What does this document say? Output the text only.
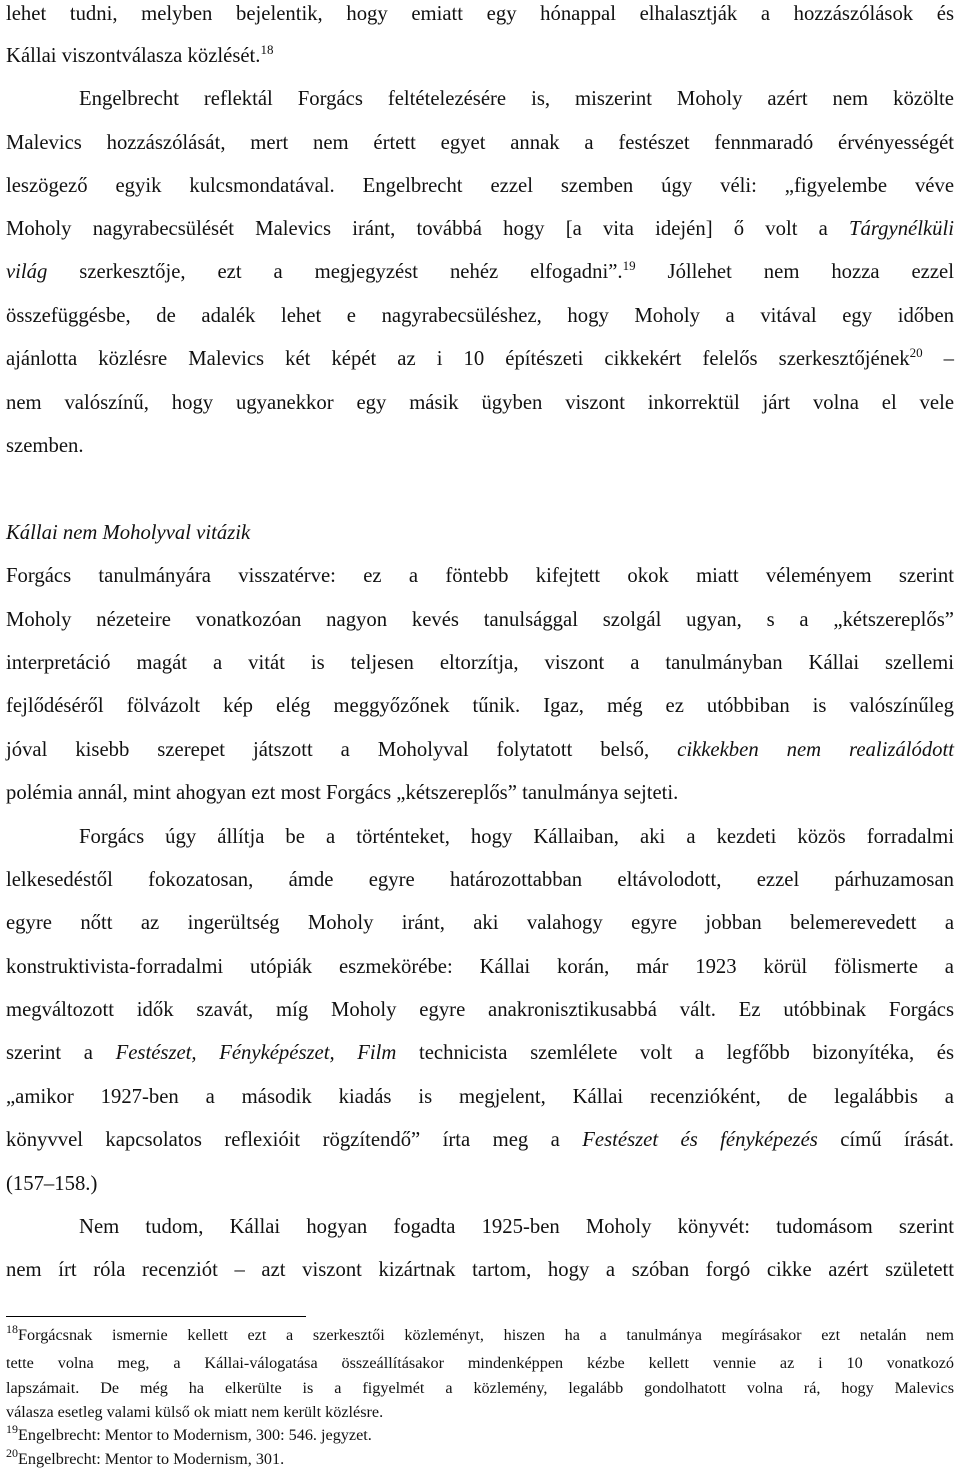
lehet tudni, melyben bejelentik, hogy emiatt egy hónappal elhalasztják a hozzászólások és
Kállai viszontválasza közlését.$^{18}$
Engelbrecht reflektál Forgács feltételezésére is, miszerint Moholy azért nem közölte
Malevics hozzászólását, mert nem értett egyet annak a festészet fennmaradó érvényességét
leszögező egyik kulcsmondatával. Engelbrecht ezzel szemben úgy véli: „figyelembe véve
Moholy nagyrabecsülését Malevics iránt, továbbá hogy [a vita idején] ő volt a Tárgynélküli
világ szerkesztője, ezt a megjegyzést nehéz elfogadni”.$^{19}$ Jóllehet nem hozza ezzel
összefüggésbe, de adalék lehet e nagyrabecsüléshez, hogy Moholy a vitával egy időben
ajánlotta közlésre Malevics két képét az i 10 építészeti cikkekért felelős szerkesztőjének$^{20}$ –
nem valószínű, hogy ugyanekkor egy másik ügyben viszont inkorrektül járt volna el vele
szemben.
Kállai nem Moholyval vitázik
Forgács tanulmányára visszatérve: ez a föntebb kifejtett okok miatt véleményem szerint
Moholy nézeteire vonatkozóan nagyon kevés tanulsággal szolgál ugyan, s a „kétszereplős”
interpretáció magát a vitát is teljesen eltorzítja, viszont a tanulmányban Kállai szellemi
fejlődéséről fölvázolt kép elég meggyőzőnek tűnik. Igaz, még ez utóbbiban is valószínűleg
jóval kisebb szerepet játszott a Moholyval folytatott belső, cikkekben nem realizálódott
polémia annál, mint ahogyan ezt most Forgács „kétszereplős” tanulmánya sejteti.
Forgács úgy állítja be a történteket, hogy Kállaiban, aki a kezdeti közös forradalmi
lelkesedéstől fokozatosan, ámde egyre határozottabban eltávolodott, ezzel párhuzamosan
egyre nőtt az ingerültség Moholy iránt, aki valahogy egyre jobban belemerevedett a
konstruktivista-forradalmi utópiák eszmekörébe: Kállai korán, már 1923 körül fölismerte a
megváltozott idők szavát, míg Moholy egyre anakronisztikusabbá vált. Ez utóbbinak Forgács
szerint a Festészet, Fényképészet, Film technicista szemlélete volt a legfőbb bizonyítéka, és
„amikor 1927-ben a második kiadás is megjelent, Kállai recenzióként, de legalábbis a
könyvvel kapcsolatos reflexióit rögzítendő” írta meg a Festészet és fényképezés című írását.
(157–158.)
Nem tudom, Kállai hogyan fogadta 1925-ben Moholy könyvét: tudomásom szerint
nem írt róla recenziót – azt viszont kizártnak tartom, hogy a szóban forgó cikke azért született
$^{18}$Forgácsnak ismernie kellett ezt a szerkesztői közleményt, hiszen ha a tanulmánya megírásakor ezt netalán nem
tette volna meg, a Kállai-válogatása összeállításakor mindenképpen kézbe kellett vennie az i 10 vonatkozó
lapszámait. De még ha elkerülte is a figyelmét a közlemény, legalább gondolhatott volna rá, hogy Malevics
válasza esetleg valami külső ok miatt nem került közlésre.
$^{19}$Engelbrecht: Mentor to Modernism, 300: 546. jegyzet.
$^{20}$Engelbrecht: Mentor to Modernism, 301.
